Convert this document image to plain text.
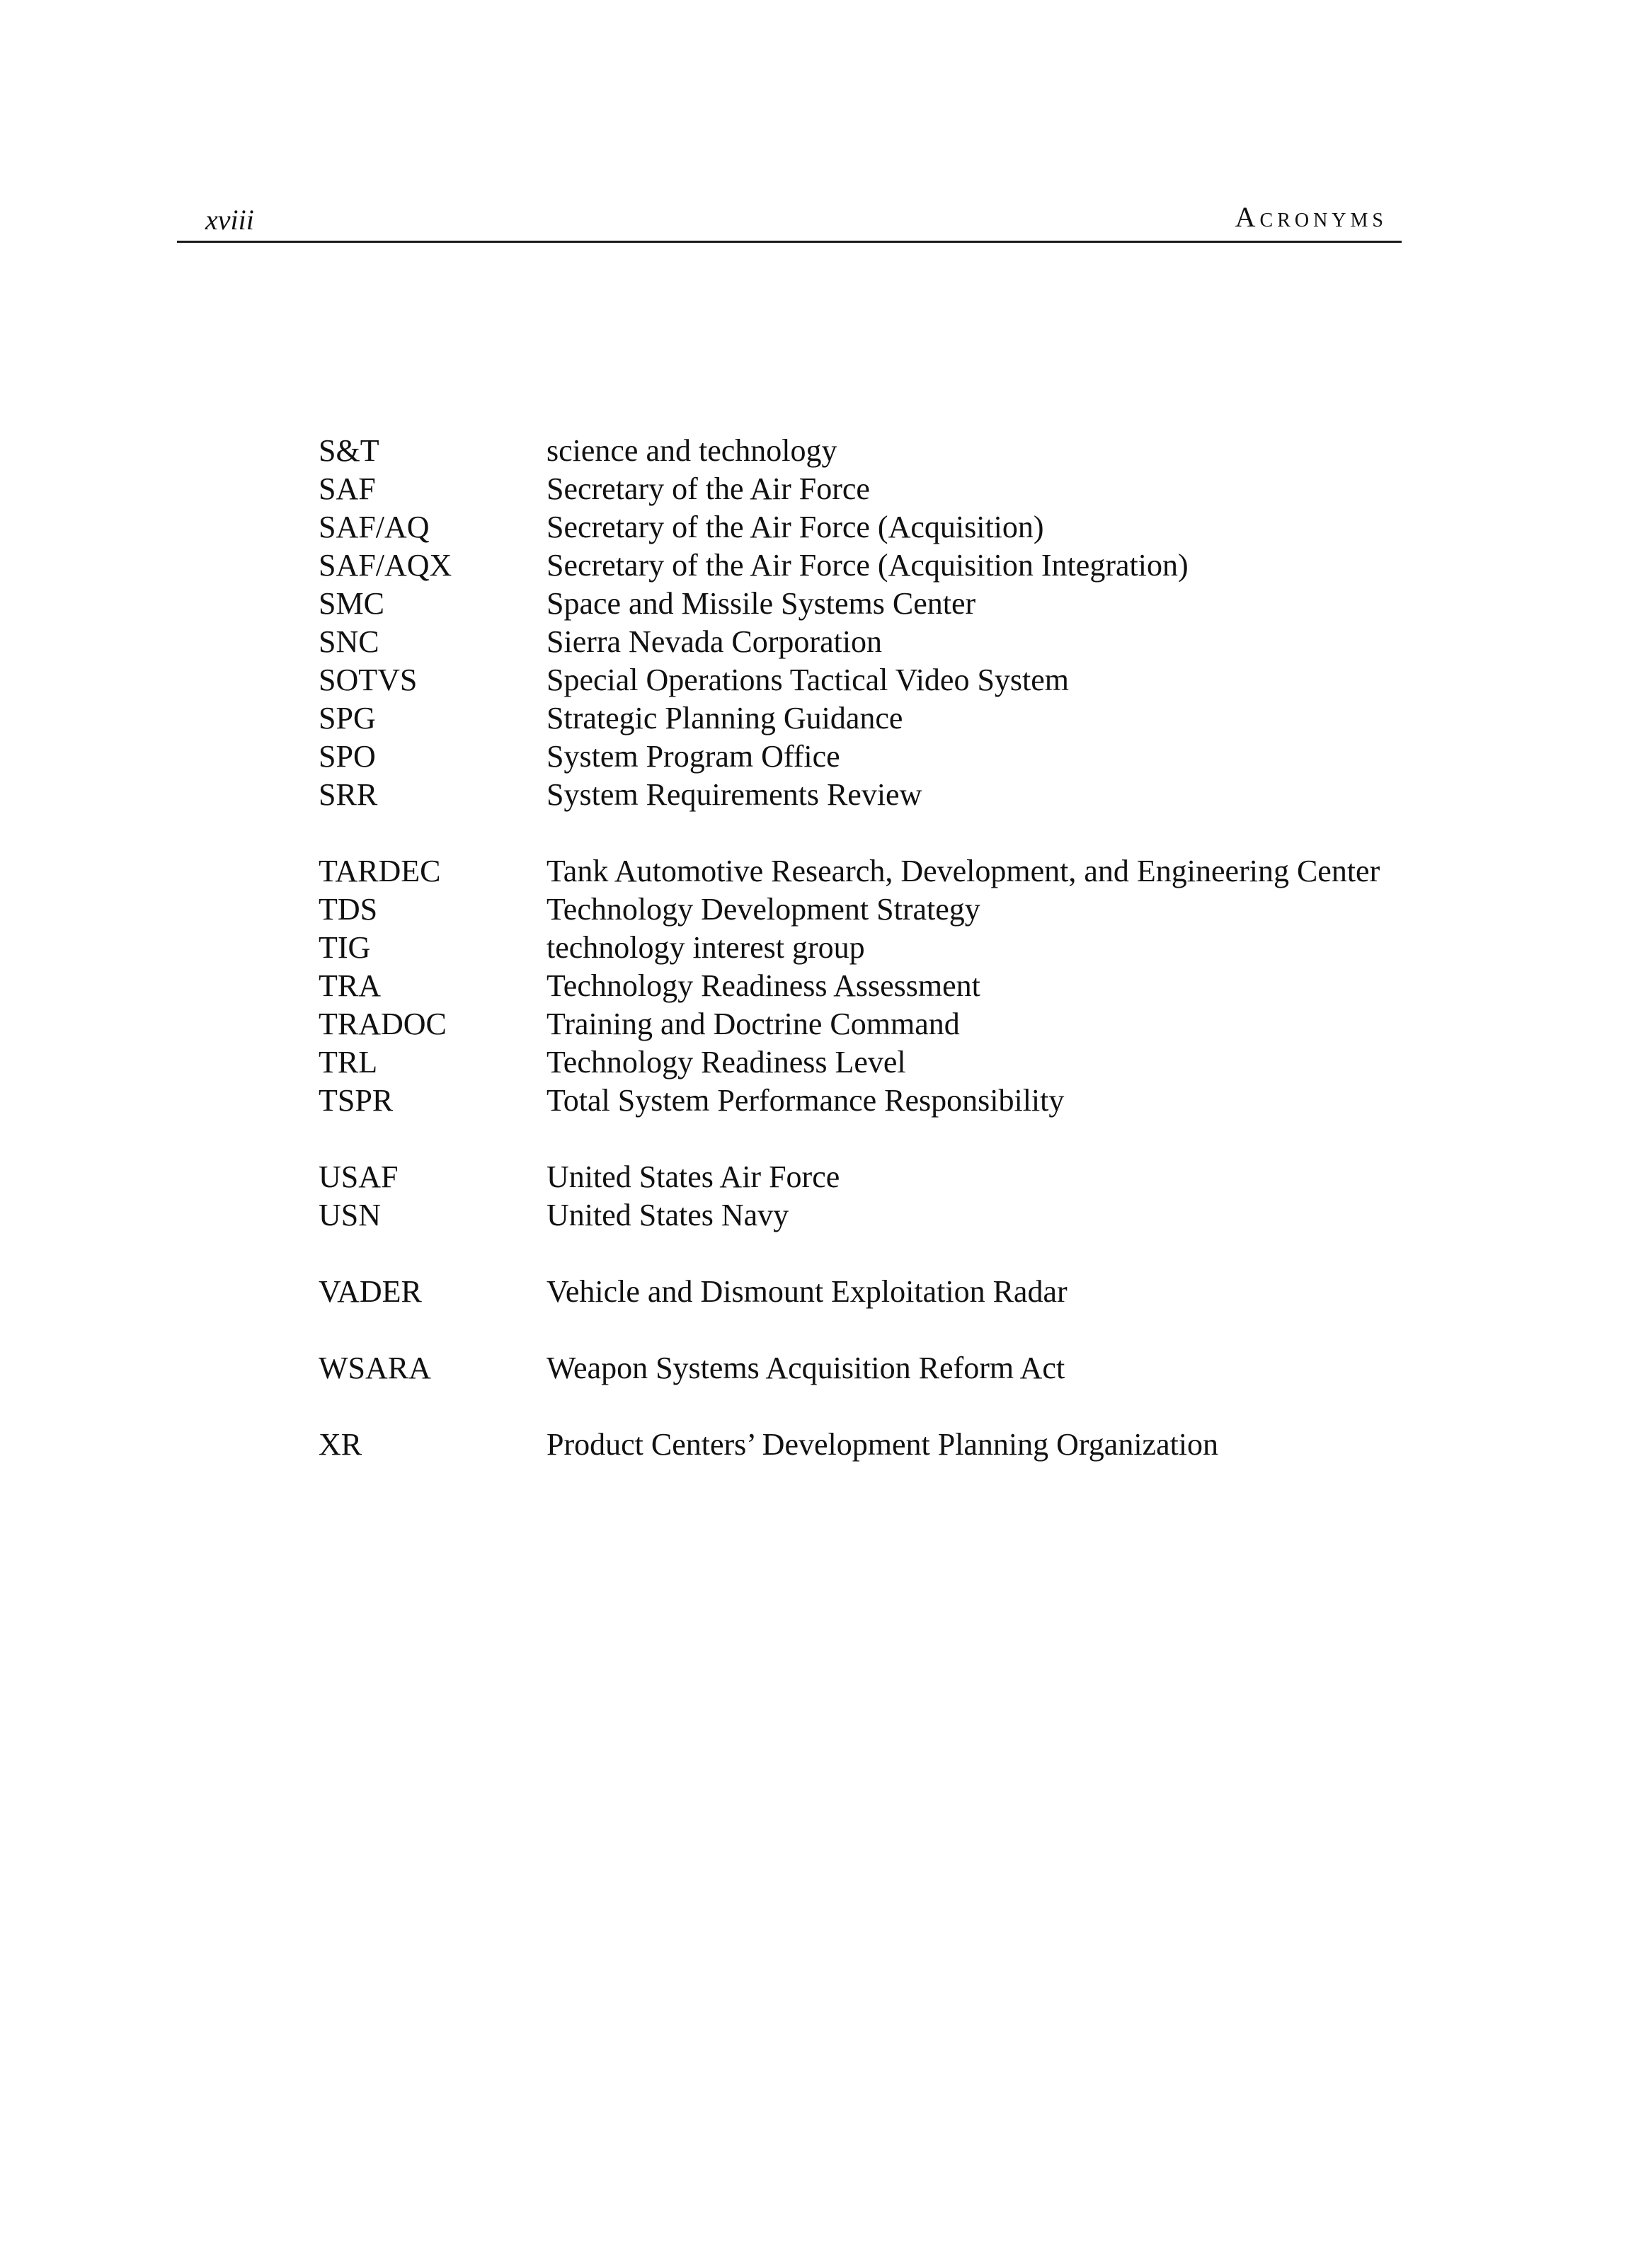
xviii	Acronyms
S&T	science and technology
SAF	Secretary of the Air Force
SAF/AQ	Secretary of the Air Force (Acquisition)
SAF/AQX	Secretary of the Air Force (Acquisition Integration)
SMC	Space and Missile Systems Center
SNC	Sierra Nevada Corporation
SOTVS	Special Operations Tactical Video System
SPG	Strategic Planning Guidance
SPO	System Program Office
SRR	System Requirements Review
TARDEC	Tank Automotive Research, Development, and Engineering Center
TDS	Technology Development Strategy
TIG	technology interest group
TRA	Technology Readiness Assessment
TRADOC	Training and Doctrine Command
TRL	Technology Readiness Level
TSPR	Total System Performance Responsibility
USAF	United States Air Force
USN	United States Navy
VADER	Vehicle and Dismount Exploitation Radar
WSARA	Weapon Systems Acquisition Reform Act
XR	Product Centers’ Development Planning Organization
